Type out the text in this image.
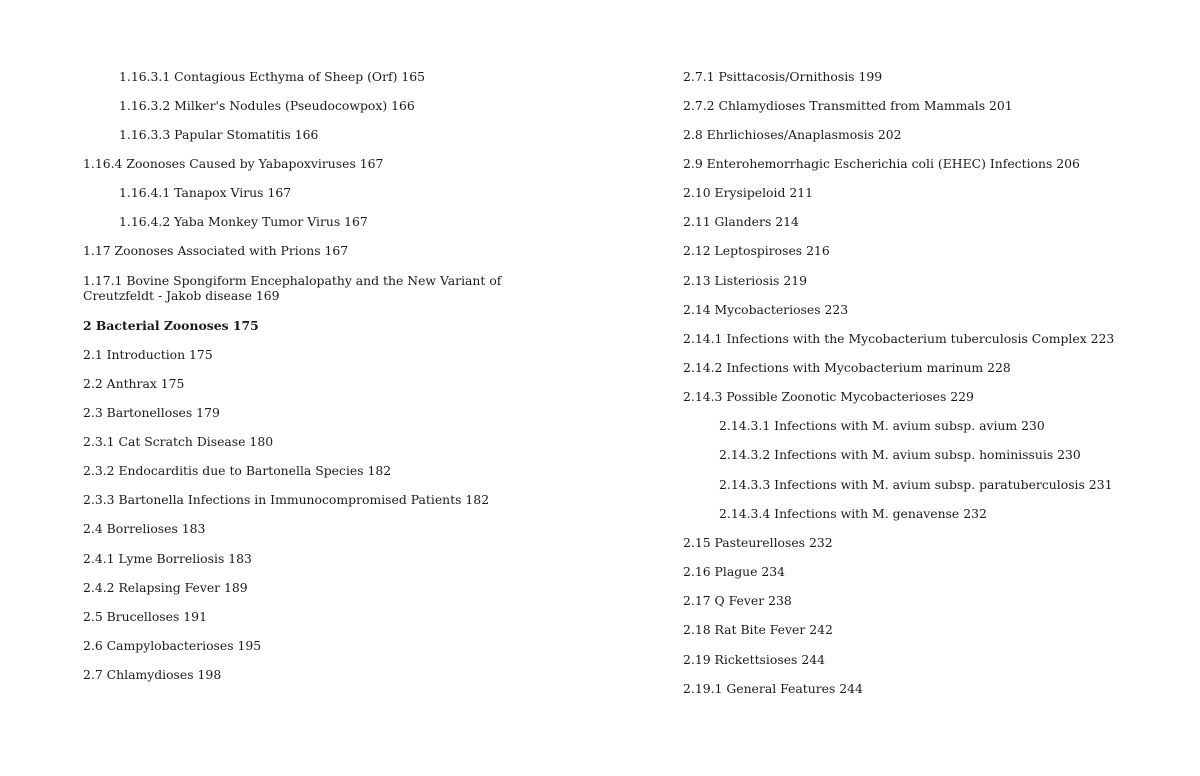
1.16.3.1 Contagious Ecthyma of Sheep (Orf) 165
1.16.3.2 Milker's Nodules (Pseudocowpox) 166
1.16.3.3 Papular Stomatitis 166
1.16.4 Zoonoses Caused by Yabapoxviruses 167
1.16.4.1 Tanapox Virus 167
1.16.4.2 Yaba Monkey Tumor Virus 167
1.17 Zoonoses Associated with Prions 167
1.17.1 Bovine Spongiform Encephalopathy and the New Variant of Creutzfeldt - Jakob disease 169
2 Bacterial Zoonoses 175
2.1 Introduction 175
2.2 Anthrax 175
2.3 Bartonelloses 179
2.3.1 Cat Scratch Disease 180
2.3.2 Endocarditis due to Bartonella Species 182
2.3.3 Bartonella Infections in Immunocompromised Patients 182
2.4 Borrelioses 183
2.4.1 Lyme Borreliosis 183
2.4.2 Relapsing Fever 189
2.5 Brucelloses 191
2.6 Campylobacterioses 195
2.7 Chlamydioses 198
2.7.1 Psittacosis/Ornithosis 199
2.7.2 Chlamydioses Transmitted from Mammals 201
2.8 Ehrlichioses/Anaplasmosis 202
2.9 Enterohemorrhagic Escherichia coli (EHEC) Infections 206
2.10 Erysipeloid 211
2.11 Glanders 214
2.12 Leptospiroses 216
2.13 Listeriosis 219
2.14 Mycobacterioses 223
2.14.1 Infections with the Mycobacterium tuberculosis Complex 223
2.14.2 Infections with Mycobacterium marinum 228
2.14.3 Possible Zoonotic Mycobacterioses 229
2.14.3.1 Infections with M. avium subsp. avium 230
2.14.3.2 Infections with M. avium subsp. hominissuis 230
2.14.3.3 Infections with M. avium subsp. paratuberculosis 231
2.14.3.4 Infections with M. genavense 232
2.15 Pasteurelloses 232
2.16 Plague 234
2.17 Q Fever 238
2.18 Rat Bite Fever 242
2.19 Rickettsioses 244
2.19.1 General Features 244
